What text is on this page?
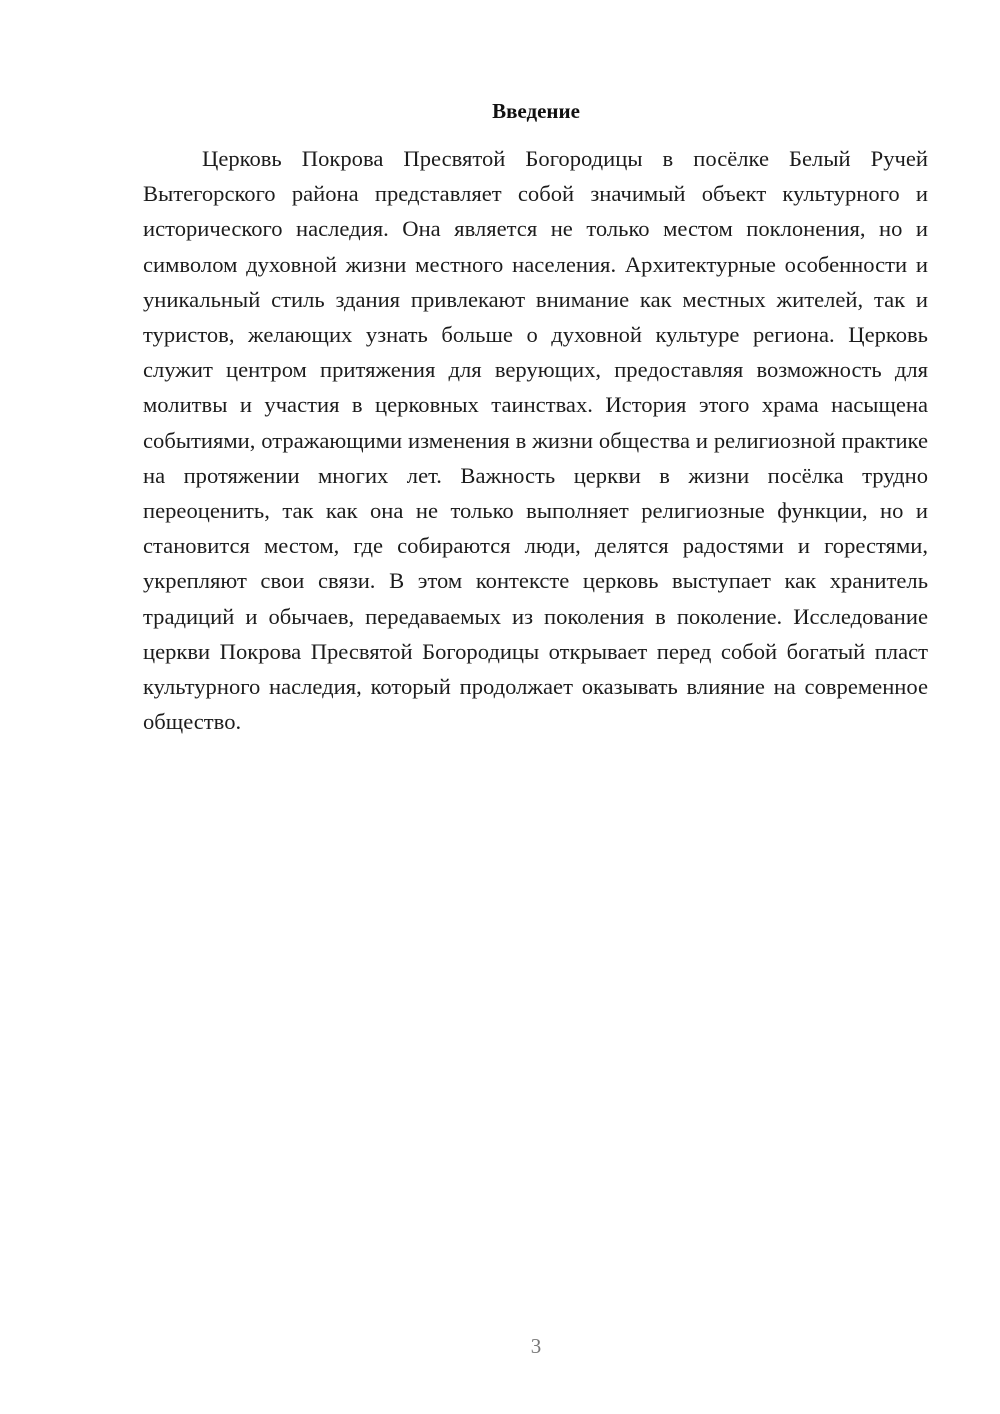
Введение

Церковь Покрова Пресвятой Богородицы в посёлке Белый Ручей Вытегорского района представляет собой значимый объект культурного и исторического наследия. Она является не только местом поклонения, но и символом духовной жизни местного населения. Архитектурные особенности и уникальный стиль здания привлекают внимание как местных жителей, так и туристов, желающих узнать больше о духовной культуре региона. Церковь служит центром притяжения для верующих, предоставляя возможность для молитвы и участия в церковных таинствах. История этого храма насыщена событиями, отражающими изменения в жизни общества и религиозной практике на протяжении многих лет. Важность церкви в жизни посёлка трудно переоценить, так как она не только выполняет религиозные функции, но и становится местом, где собираются люди, делятся радостями и горестями, укрепляют свои связи. В этом контексте церковь выступает как хранитель традиций и обычаев, передаваемых из поколения в поколение. Исследование церкви Покрова Пресвятой Богородицы открывает перед собой богатый пласт культурного наследия, который продолжает оказывать влияние на современное общество.

3
